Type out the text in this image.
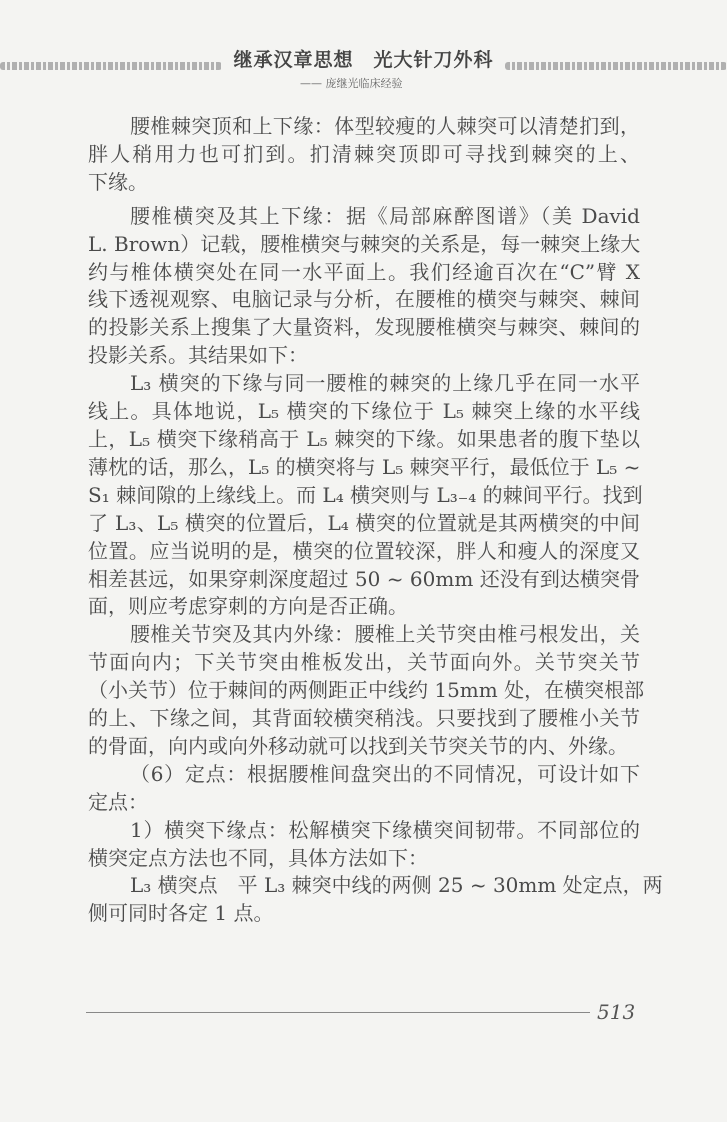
继承汉章思想　光大针刀外科
—— 庞继光临床经验
腰椎棘突顶和上下缘：体型较瘦的人棘突可以清楚扪到，
胖人稍用力也可扪到。扪清棘突顶即可寻找到棘突的上、
下缘。
腰椎横突及其上下缘：据《局部麻醉图谱》（美 David
L. Brown）记载，腰椎横突与棘突的关系是，每一棘突上缘大
约与椎体横突处在同一水平面上。我们经逾百次在“C”臂 X
线下透视观察、电脑记录与分析，在腰椎的横突与棘突、棘间
的投影关系上搜集了大量资料，发现腰椎横突与棘突、棘间的
投影关系。其结果如下：
L₃ 横突的下缘与同一腰椎的棘突的上缘几乎在同一水平
线上。具体地说，L₅ 横突的下缘位于 L₅ 棘突上缘的水平线
上，L₅ 横突下缘稍高于 L₅ 棘突的下缘。如果患者的腹下垫以
薄枕的话，那么，L₅ 的横突将与 L₅ 棘突平行，最低位于 L₅ ~
S₁ 棘间隙的上缘线上。而 L₄ 横突则与 L₃₋₄ 的棘间平行。找到
了 L₃、L₅ 横突的位置后，L₄ 横突的位置就是其两横突的中间
位置。应当说明的是，横突的位置较深，胖人和瘦人的深度又
相差甚远，如果穿刺深度超过 50 ~ 60mm 还没有到达横突骨
面，则应考虑穿刺的方向是否正确。
腰椎关节突及其内外缘：腰椎上关节突由椎弓根发出，关
节面向内；下关节突由椎板发出，关节面向外。关节突关节
（小关节）位于棘间的两侧距正中线约 15mm 处，在横突根部
的上、下缘之间，其背面较横突稍浅。只要找到了腰椎小关节
的骨面，向内或向外移动就可以找到关节突关节的内、外缘。
（6）定点：根据腰椎间盘突出的不同情况，可设计如下
定点：
1）横突下缘点：松解横突下缘横突间韧带。不同部位的
横突定点方法也不同，具体方法如下：
L₃ 横突点　平 L₃ 棘突中线的两侧 25 ~ 30mm 处定点，两
侧可同时各定 1 点。
513
